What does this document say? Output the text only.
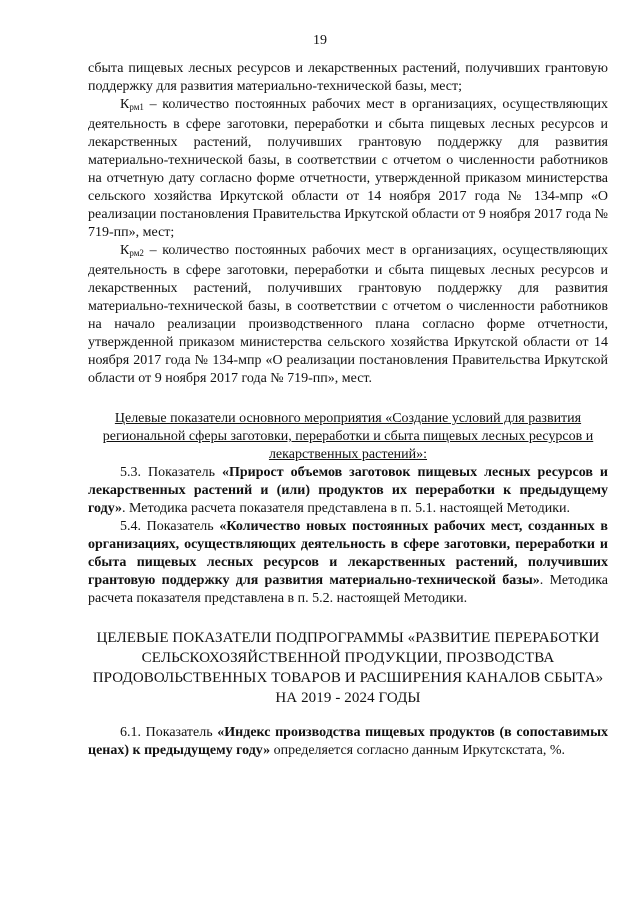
19

сбыта пищевых лесных ресурсов и лекарственных растений, получивших грантовую поддержку для развития материально-технической базы, мест;

$К_{рм1}$ – количество постоянных рабочих мест в организациях, осуществляющих деятельность в сфере заготовки, переработки и сбыта пищевых лесных ресурсов и лекарственных растений, получивших грантовую поддержку для развития материально-технической базы, в соответствии с отчетом о численности работников на отчетную дату согласно форме отчетности, утвержденной приказом министерства сельского хозяйства Иркутской области от 14 ноября 2017 года № 134-мпр «О реализации постановления Правительства Иркутской области от 9 ноября 2017 года № 719-пп», мест;

$К_{рм2}$ – количество постоянных рабочих мест в организациях, осуществляющих деятельность в сфере заготовки, переработки и сбыта пищевых лесных ресурсов и лекарственных растений, получивших грантовую поддержку для развития материально-технической базы, в соответствии с отчетом о численности работников на начало реализации производственного плана согласно форме отчетности, утвержденной приказом министерства сельского хозяйства Иркутской области от 14 ноября 2017 года № 134-мпр «О реализации постановления Правительства Иркутской области от 9 ноября 2017 года № 719-пп», мест.

Целевые показатели основного мероприятия «Создание условий для развития региональной сферы заготовки, переработки и сбыта пищевых лесных ресурсов и лекарственных растений»:

5.3. Показатель «Прирост объемов заготовок пищевых лесных ресурсов и лекарственных растений и (или) продуктов их переработки к предыдущему году». Методика расчета показателя представлена в п. 5.1. настоящей Методики.

5.4. Показатель «Количество новых постоянных рабочих мест, созданных в организациях, осуществляющих деятельность в сфере заготовки, переработки и сбыта пищевых лесных ресурсов и лекарственных растений, получивших грантовую поддержку для развития материально-технической базы». Методика расчета показателя представлена в п. 5.2. настоящей Методики.

ЦЕЛЕВЫЕ ПОКАЗАТЕЛИ ПОДПРОГРАММЫ «РАЗВИТИЕ ПЕРЕРАБОТКИ СЕЛЬСКОХОЗЯЙСТВЕННОЙ ПРОДУКЦИИ, ПРОЗВОДСТВА ПРОДОВОЛЬСТВЕННЫХ ТОВАРОВ И РАСШИРЕНИЯ КАНАЛОВ СБЫТА» НА 2019 - 2024 ГОДЫ

6.1. Показатель «Индекс производства пищевых продуктов (в сопоставимых ценах) к предыдущему году» определяется согласно данным Иркутскстата, %.
